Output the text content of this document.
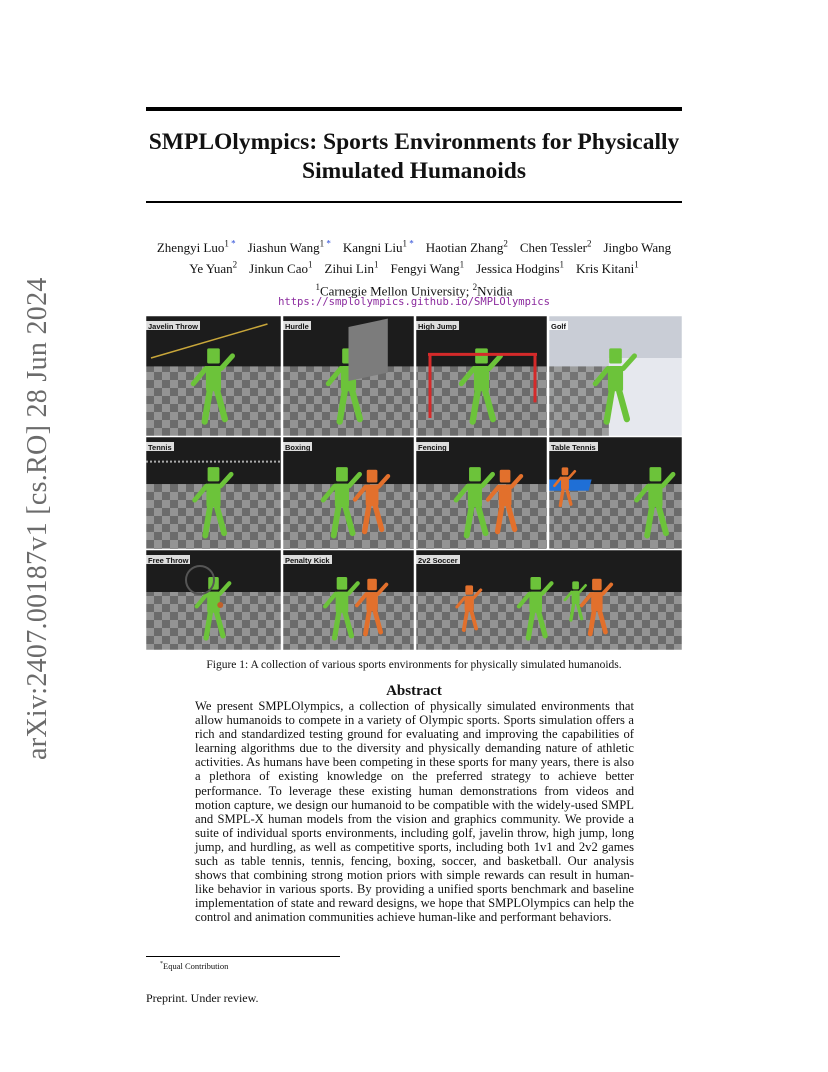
arXiv:2407.00187v1 [cs.RO] 28 Jun 2024
SMPLOlympics: Sports Environments for Physically Simulated Humanoids
Zhengyi Luo$^1$ * Jiashun Wang$^1$ * Kangni Liu$^1$ * Haotian Zhang$^2$ Chen Tessler$^2$ Jingbo Wang
Ye Yuan$^2$ Jinkun Cao$^1$ Zihui Lin$^1$ Fengyi Wang$^1$ Jessica Hodgins$^1$ Kris Kitani$^1$
$^1$Carnegie Mellon University; $^2$Nvidia
https://smplolympics.github.io/SMPLOlympics
Javelin Throw	Hurdle	High Jump	Golf
Tennis	Boxing	Fencing	Table Tennis
Free Throw	Penalty Kick	2v2 Soccer
Figure 1: A collection of various sports environments for physically simulated humanoids.
Abstract

We present SMPLOlympics, a collection of physically simulated environments that allow humanoids to compete in a variety of Olympic sports. Sports simulation offers a rich and standardized testing ground for evaluating and improving the capabilities of learning algorithms due to the diversity and physically demanding nature of athletic activities. As humans have been competing in these sports for many years, there is also a plethora of existing knowledge on the preferred strategy to achieve better performance. To leverage these existing human demonstrations from videos and motion capture, we design our humanoid to be compatible with the widely-used SMPL and SMPL-X human models from the vision and graphics community. We provide a suite of individual sports environments, including golf, javelin throw, high jump, long jump, and hurdling, as well as competitive sports, including both 1v1 and 2v2 games such as table tennis, tennis, fencing, boxing, soccer, and basketball. Our analysis shows that combining strong motion priors with simple rewards can result in human-like behavior in various sports. By providing a unified sports benchmark and baseline implementation of state and reward designs, we hope that SMPLOlympics can help the control and animation communities achieve human-like and performant behaviors.

*Equal Contribution
Preprint. Under review.
